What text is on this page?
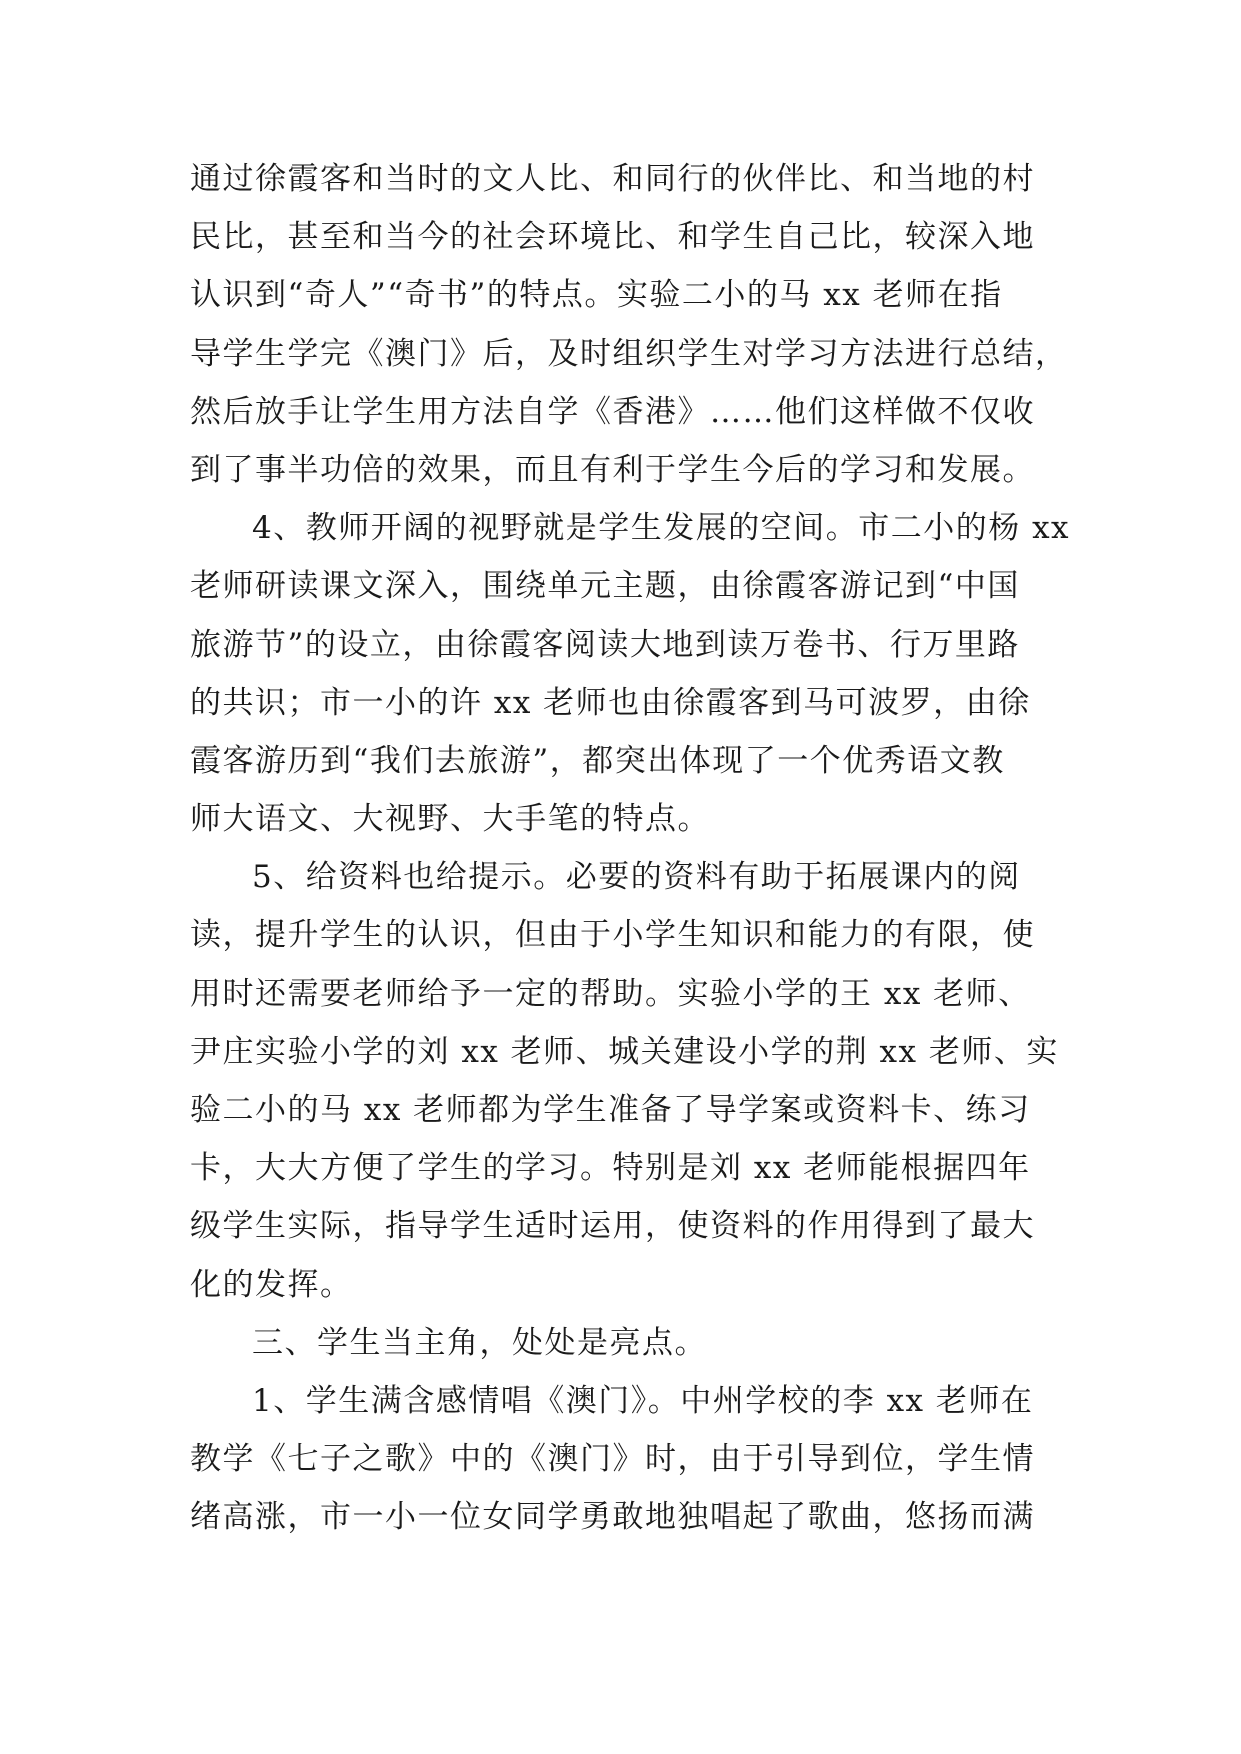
通过徐霞客和当时的文人比、和同行的伙伴比、和当地的村
民比，甚至和当今的社会环境比、和学生自己比，较深入地
认识到“奇人”“奇书”的特点。实验二小的马 xx 老师在指
导学生学完《澳门》后，及时组织学生对学习方法进行总结，
然后放手让学生用方法自学《香港》……他们这样做不仅收
到了事半功倍的效果，而且有利于学生今后的学习和发展。
4、教师开阔的视野就是学生发展的空间。市二小的杨 xx
老师研读课文深入，围绕单元主题，由徐霞客游记到“中国
旅游节”的设立，由徐霞客阅读大地到读万卷书、行万里路
的共识；市一小的许 xx 老师也由徐霞客到马可波罗，由徐
霞客游历到“我们去旅游”，都突出体现了一个优秀语文教
师大语文、大视野、大手笔的特点。
5、给资料也给提示。必要的资料有助于拓展课内的阅
读，提升学生的认识，但由于小学生知识和能力的有限，使
用时还需要老师给予一定的帮助。实验小学的王 xx 老师、
尹庄实验小学的刘 xx 老师、城关建设小学的荆 xx 老师、实
验二小的马 xx 老师都为学生准备了导学案或资料卡、练习
卡，大大方便了学生的学习。特别是刘 xx 老师能根据四年
级学生实际，指导学生适时运用，使资料的作用得到了最大
化的发挥。
三、学生当主角，处处是亮点。
1、学生满含感情唱《澳门》。中州学校的李 xx 老师在
教学《七子之歌》中的《澳门》时，由于引导到位，学生情
绪高涨，市一小一位女同学勇敢地独唱起了歌曲，悠扬而满
